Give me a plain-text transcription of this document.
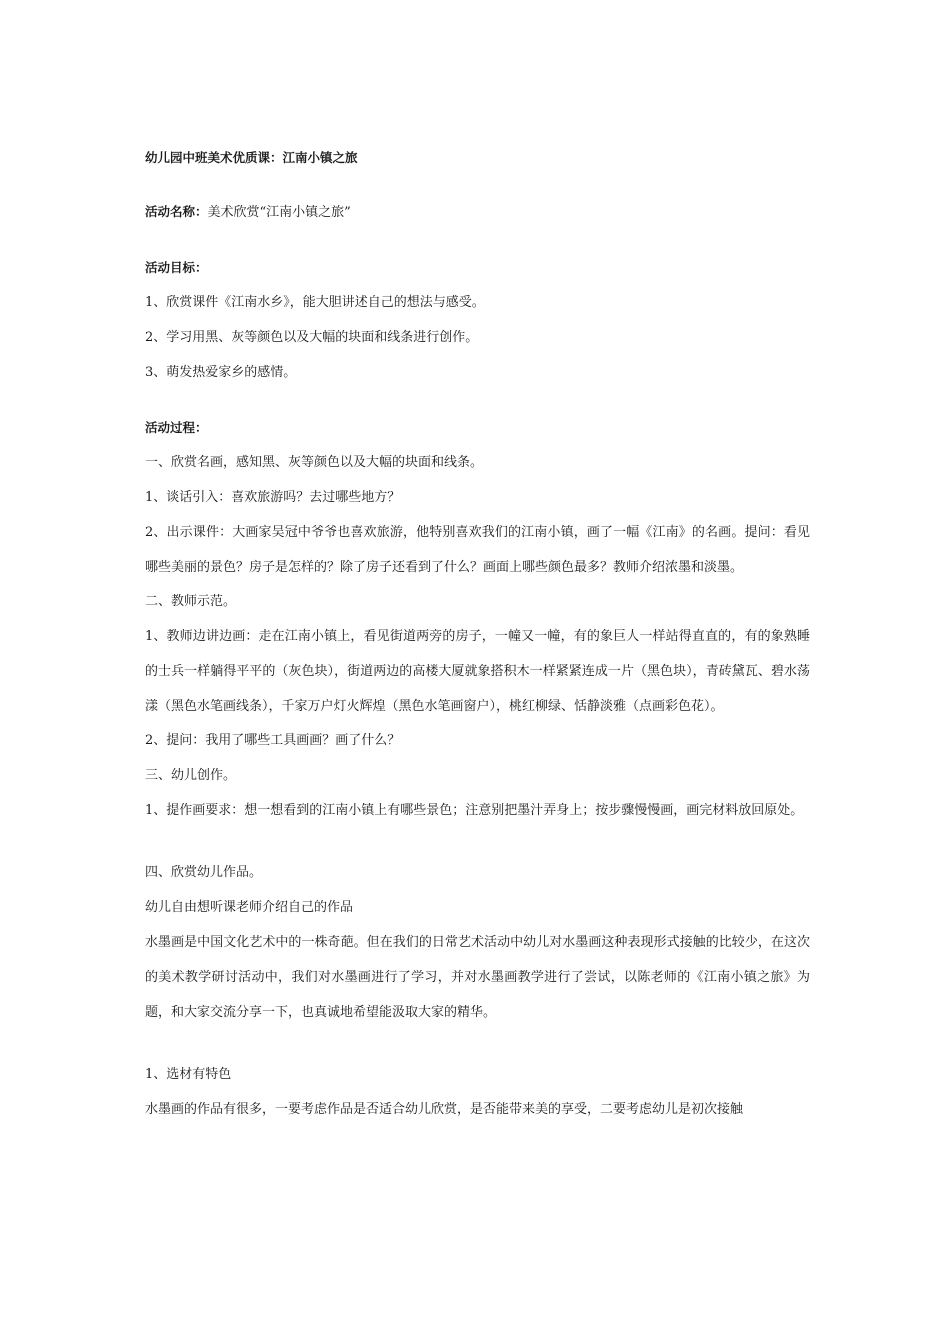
幼儿园中班美术优质课：江南小镇之旅
活动名称：美术欣赏“江南小镇之旅”
活动目标：
1、欣赏课件《江南水乡》，能大胆讲述自己的想法与感受。
2、学习用黑、灰等颜色以及大幅的块面和线条进行创作。
3、萌发热爱家乡的感情。
活动过程：
一、欣赏名画，感知黑、灰等颜色以及大幅的块面和线条。
1、谈话引入：喜欢旅游吗？去过哪些地方？
2、出示课件：大画家吴冠中爷爷也喜欢旅游，他特别喜欢我们的江南小镇，画了一幅《江南》的名画。提问：看见哪些美丽的景色？房子是怎样的？除了房子还看到了什么？画面上哪些颜色最多？教师介绍浓墨和淡墨。
二、教师示范。
1、教师边讲边画：走在江南小镇上，看见街道两旁的房子，一幢又一幢，有的象巨人一样站得直直的，有的象熟睡的士兵一样躺得平平的（灰色块），街道两边的高楼大厦就象搭积木一样紧紧连成一片（黑色块），青砖黛瓦、碧水荡漾（黑色水笔画线条），千家万户灯火辉煌（黑色水笔画窗户），桃红柳绿、恬静淡雅（点画彩色花）。
2、提问：我用了哪些工具画画？画了什么？
三、幼儿创作。
1、提作画要求：想一想看到的江南小镇上有哪些景色；注意别把墨汁弄身上；按步骤慢慢画，画完材料放回原处。
四、欣赏幼儿作品。
幼儿自由想听课老师介绍自己的作品
水墨画是中国文化艺术中的一株奇葩。但在我们的日常艺术活动中幼儿对水墨画这种表现形式接触的比较少，在这次的美术教学研讨活动中，我们对水墨画进行了学习，并对水墨画教学进行了尝试，以陈老师的《江南小镇之旅》为题，和大家交流分享一下，也真诚地希望能汲取大家的精华。
1、选材有特色
水墨画的作品有很多，一要考虑作品是否适合幼儿欣赏，是否能带来美的享受，二要考虑幼儿是初次接触
